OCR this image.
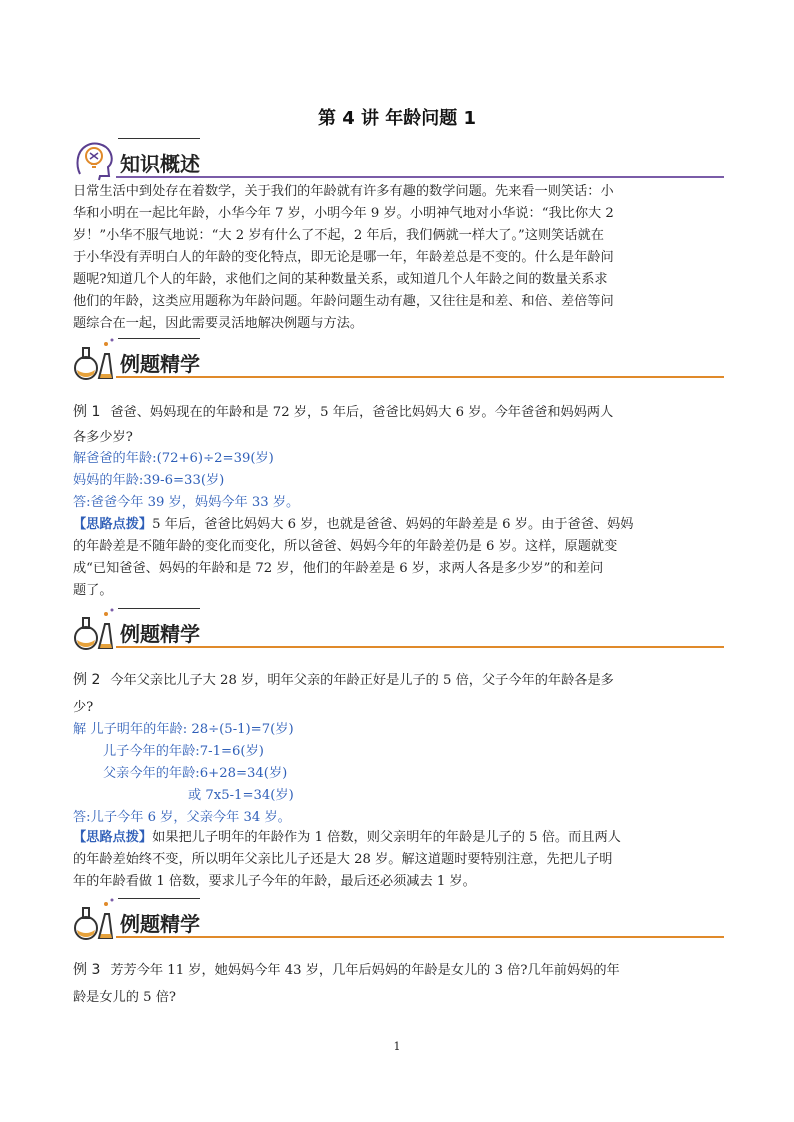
第 4 讲 年龄问题 1
知识概述
日常生活中到处存在着数学，关于我们的年龄就有许多有趣的数学问题。先来看一则笑话：小
华和小明在一起比年龄，小华今年 7 岁，小明今年 9 岁。小明神气地对小华说：“我比你大 2
岁！”小华不服气地说：“大 2 岁有什么了不起，2 年后，我们俩就一样大了。”这则笑话就在
于小华没有弄明白人的年龄的变化特点，即无论是哪一年，年龄差总是不变的。什么是年龄问
题呢?知道几个人的年龄，求他们之间的某种数量关系，或知道几个人年龄之间的数量关系求
他们的年龄，这类应用题称为年龄问题。年龄问题生动有趣，又往往是和差、和倍、差倍等问
题综合在一起，因此需要灵活地解决例题与方法。
例题精学
例 1 爸爸、妈妈现在的年龄和是 72 岁，5 年后，爸爸比妈妈大 6 岁。今年爸爸和妈妈两人
各多少岁?
解爸爸的年龄:(72+6)÷2=39(岁)
妈妈的年龄:39-6=33(岁)
答:爸爸今年 39 岁，妈妈今年 33 岁。
【思路点拨】5 年后，爸爸比妈妈大 6 岁，也就是爸爸、妈妈的年龄差是 6 岁。由于爸爸、妈妈
的年龄差是不随年龄的变化而变化，所以爸爸、妈妈今年的年龄差仍是 6 岁。这样，原题就变
成“已知爸爸、妈妈的年龄和是 72 岁，他们的年龄差是 6 岁，求两人各是多少岁”的和差问
题了。
例题精学
例 2 今年父亲比儿子大 28 岁，明年父亲的年龄正好是儿子的 5 倍，父子今年的年龄各是多
少?
解 儿子明年的年龄: 28÷(5-1)=7(岁)
儿子今年的年龄:7-1=6(岁)
父亲今年的年龄:6+28=34(岁)
或 7x5-1=34(岁)
答:儿子今年 6 岁，父亲今年 34 岁。
【思路点拨】如果把儿子明年的年龄作为 1 倍数，则父亲明年的年龄是儿子的 5 倍。而且两人
的年龄差始终不变，所以明年父亲比儿子还是大 28 岁。解这道题时要特别注意，先把儿子明
年的年龄看做 1 倍数，要求儿子今年的年龄，最后还必须减去 1 岁。
例题精学
例 3 芳芳今年 11 岁，她妈妈今年 43 岁，几年后妈妈的年龄是女儿的 3 倍?几年前妈妈的年
龄是女儿的 5 倍?
1
